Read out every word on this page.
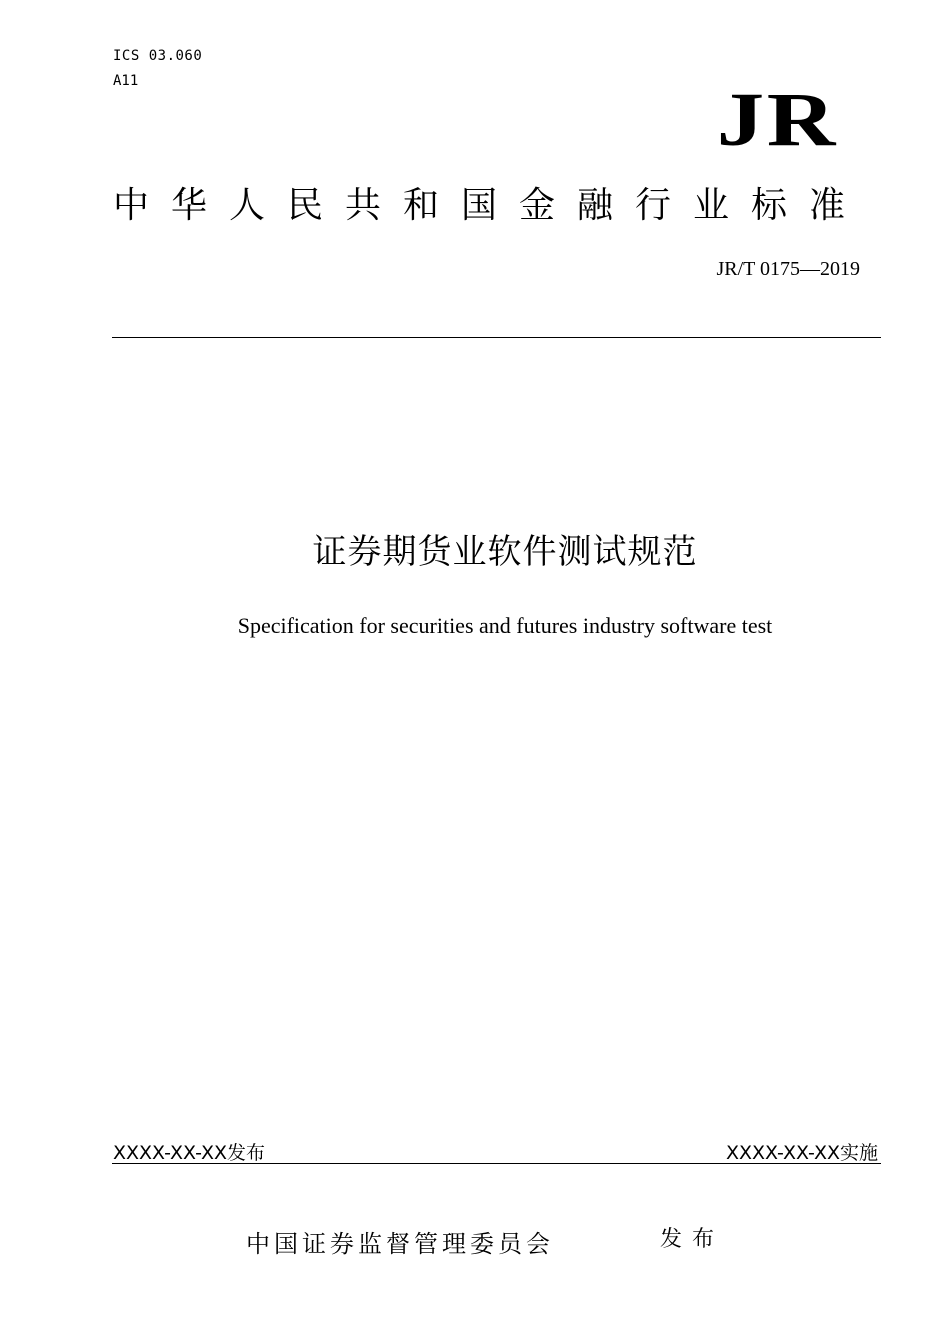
ICS 03.060
A11	JR
中华人民共和国金融行业标准
JR/T 0175—2019
证券期货业软件测试规范
Specification for securities and futures industry software test
XXXX-XX-XX发布	XXXX-XX-XX实施
中国证券监督管理委员会	发布
